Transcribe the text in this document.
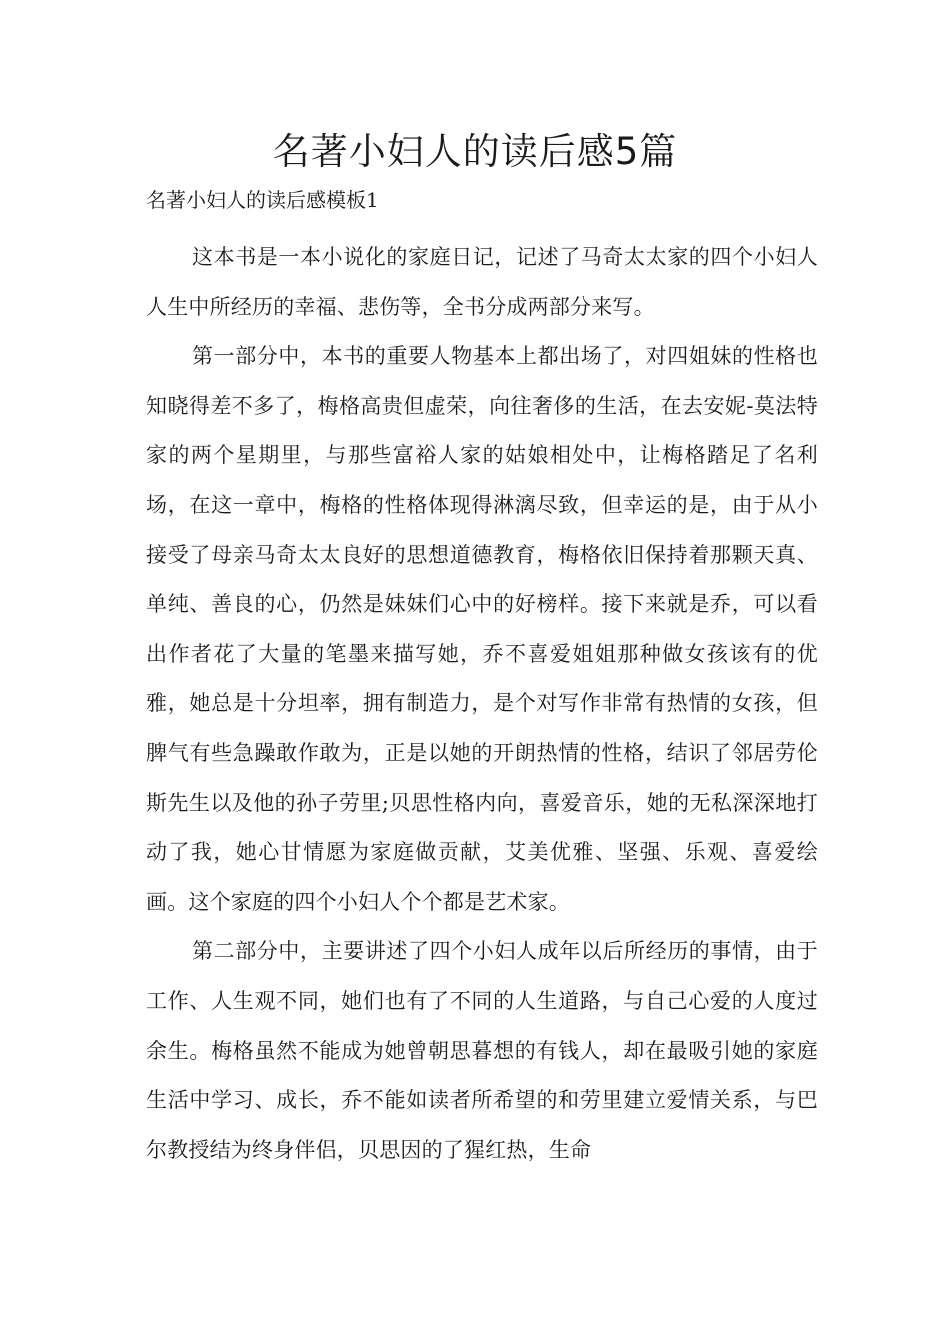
名著小妇人的读后感5篇

名著小妇人的读后感模板1

这本书是一本小说化的家庭日记，记述了马奇太太家的四个小妇人人生中所经历的幸福、悲伤等，全书分成两部分来写。

第一部分中，本书的重要人物基本上都出场了，对四姐妹的性格也知晓得差不多了，梅格高贵但虚荣，向往奢侈的生活，在去安妮-莫法特家的两个星期里，与那些富裕人家的姑娘相处中，让梅格踏足了名利场，在这一章中，梅格的性格体现得淋漓尽致，但幸运的是，由于从小接受了母亲马奇太太良好的思想道德教育，梅格依旧保持着那颗天真、单纯、善良的心，仍然是妹妹们心中的好榜样。接下来就是乔，可以看出作者花了大量的笔墨来描写她，乔不喜爱姐姐那种做女孩该有的优雅，她总是十分坦率，拥有制造力，是个对写作非常有热情的女孩，但脾气有些急躁敢作敢为，正是以她的开朗热情的性格，结识了邻居劳伦斯先生以及他的孙子劳里;贝思性格内向，喜爱音乐，她的无私深深地打动了我，她心甘情愿为家庭做贡献，艾美优雅、坚强、乐观、喜爱绘画。这个家庭的四个小妇人个个都是艺术家。

第二部分中，主要讲述了四个小妇人成年以后所经历的事情，由于工作、人生观不同，她们也有了不同的人生道路，与自己心爱的人度过余生。梅格虽然不能成为她曾朝思暮想的有钱人，却在最吸引她的家庭生活中学习、成长，乔不能如读者所希望的和劳里建立爱情关系，与巴尔教授结为终身伴侣，贝思因的了猩红热，生命
